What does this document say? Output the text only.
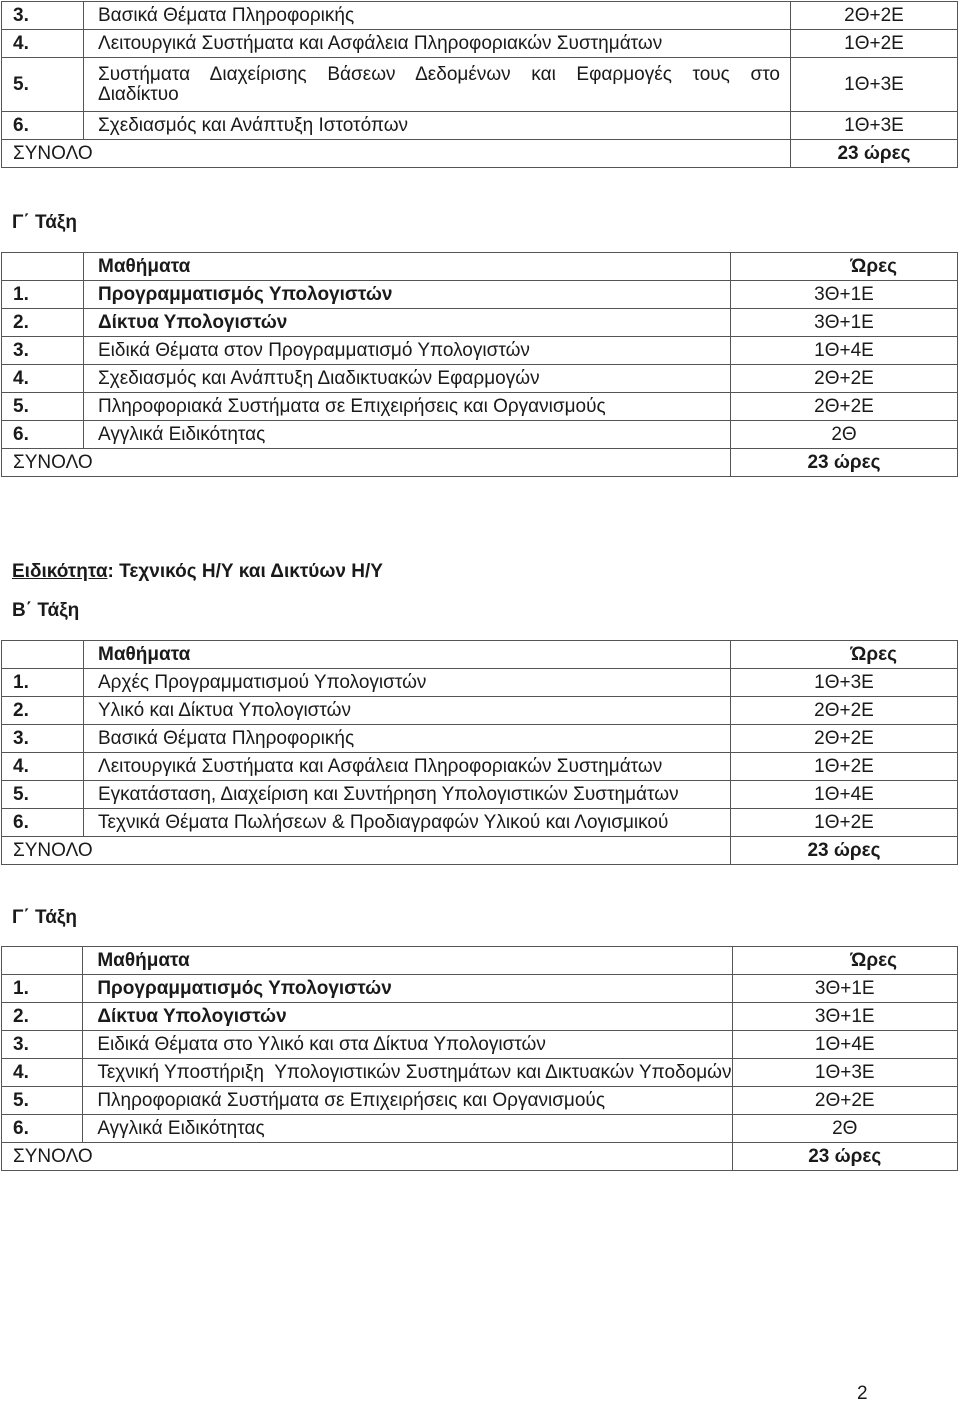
3.	Βασικά Θέματα Πληροφορικής	2Θ+2Ε
4.	Λειτουργικά Συστήματα και Ασφάλεια Πληροφοριακών Συστημάτων	1Θ+2Ε
5.	Συστήματα Διαχείρισης Βάσεων Δεδομένων και Εφαρμογές τους στο
Διαδίκτυο	1Θ+3Ε
6.	Σχεδιασμός και Ανάπτυξη Ιστοτόπων	1Θ+3Ε
ΣΥΝΟΛΟ		23 ώρες
Γ΄ Τάξη
	Μαθήματα	Ώρες
1.	Προγραμματισμός Υπολογιστών	3Θ+1Ε
2.	Δίκτυα Υπολογιστών	3Θ+1Ε
3.	Ειδικά Θέματα στον Προγραμματισμό Υπολογιστών	1Θ+4Ε
4.	Σχεδιασμός και Ανάπτυξη Διαδικτυακών Εφαρμογών	2Θ+2Ε
5.	Πληροφοριακά Συστήματα σε Επιχειρήσεις και Οργανισμούς	2Θ+2Ε
6.	Αγγλικά Ειδικότητας	2Θ
ΣΥΝΟΛΟ		23 ώρες
Ειδικότητα: Τεχνικός Η/Υ και Δικτύων Η/Υ
Β΄ Τάξη
	Μαθήματα	Ώρες
1.	Αρχές Προγραμματισμού Υπολογιστών	1Θ+3Ε
2.	Υλικό και Δίκτυα Υπολογιστών	2Θ+2Ε
3.	Βασικά Θέματα Πληροφορικής	2Θ+2Ε
4.	Λειτουργικά Συστήματα και Ασφάλεια Πληροφοριακών Συστημάτων	1Θ+2Ε
5.	Εγκατάσταση, Διαχείριση και Συντήρηση Υπολογιστικών Συστημάτων	1Θ+4Ε
6.	Τεχνικά Θέματα Πωλήσεων & Προδιαγραφών Υλικού και Λογισμικού	1Θ+2Ε
ΣΥΝΟΛΟ		23 ώρες
Γ΄ Τάξη
	Μαθήματα	Ώρες
1.	Προγραμματισμός Υπολογιστών	3Θ+1Ε
2.	Δίκτυα Υπολογιστών	3Θ+1Ε
3.	Ειδικά Θέματα στο Υλικό και στα Δίκτυα Υπολογιστών	1Θ+4Ε
4.	Τεχνική Υποστήριξη  Υπολογιστικών Συστημάτων και Δικτυακών Υποδομών	1Θ+3Ε
5.	Πληροφοριακά Συστήματα σε Επιχειρήσεις και Οργανισμούς	2Θ+2Ε
6.	Αγγλικά Ειδικότητας	2Θ
ΣΥΝΟΛΟ		23 ώρες
2
